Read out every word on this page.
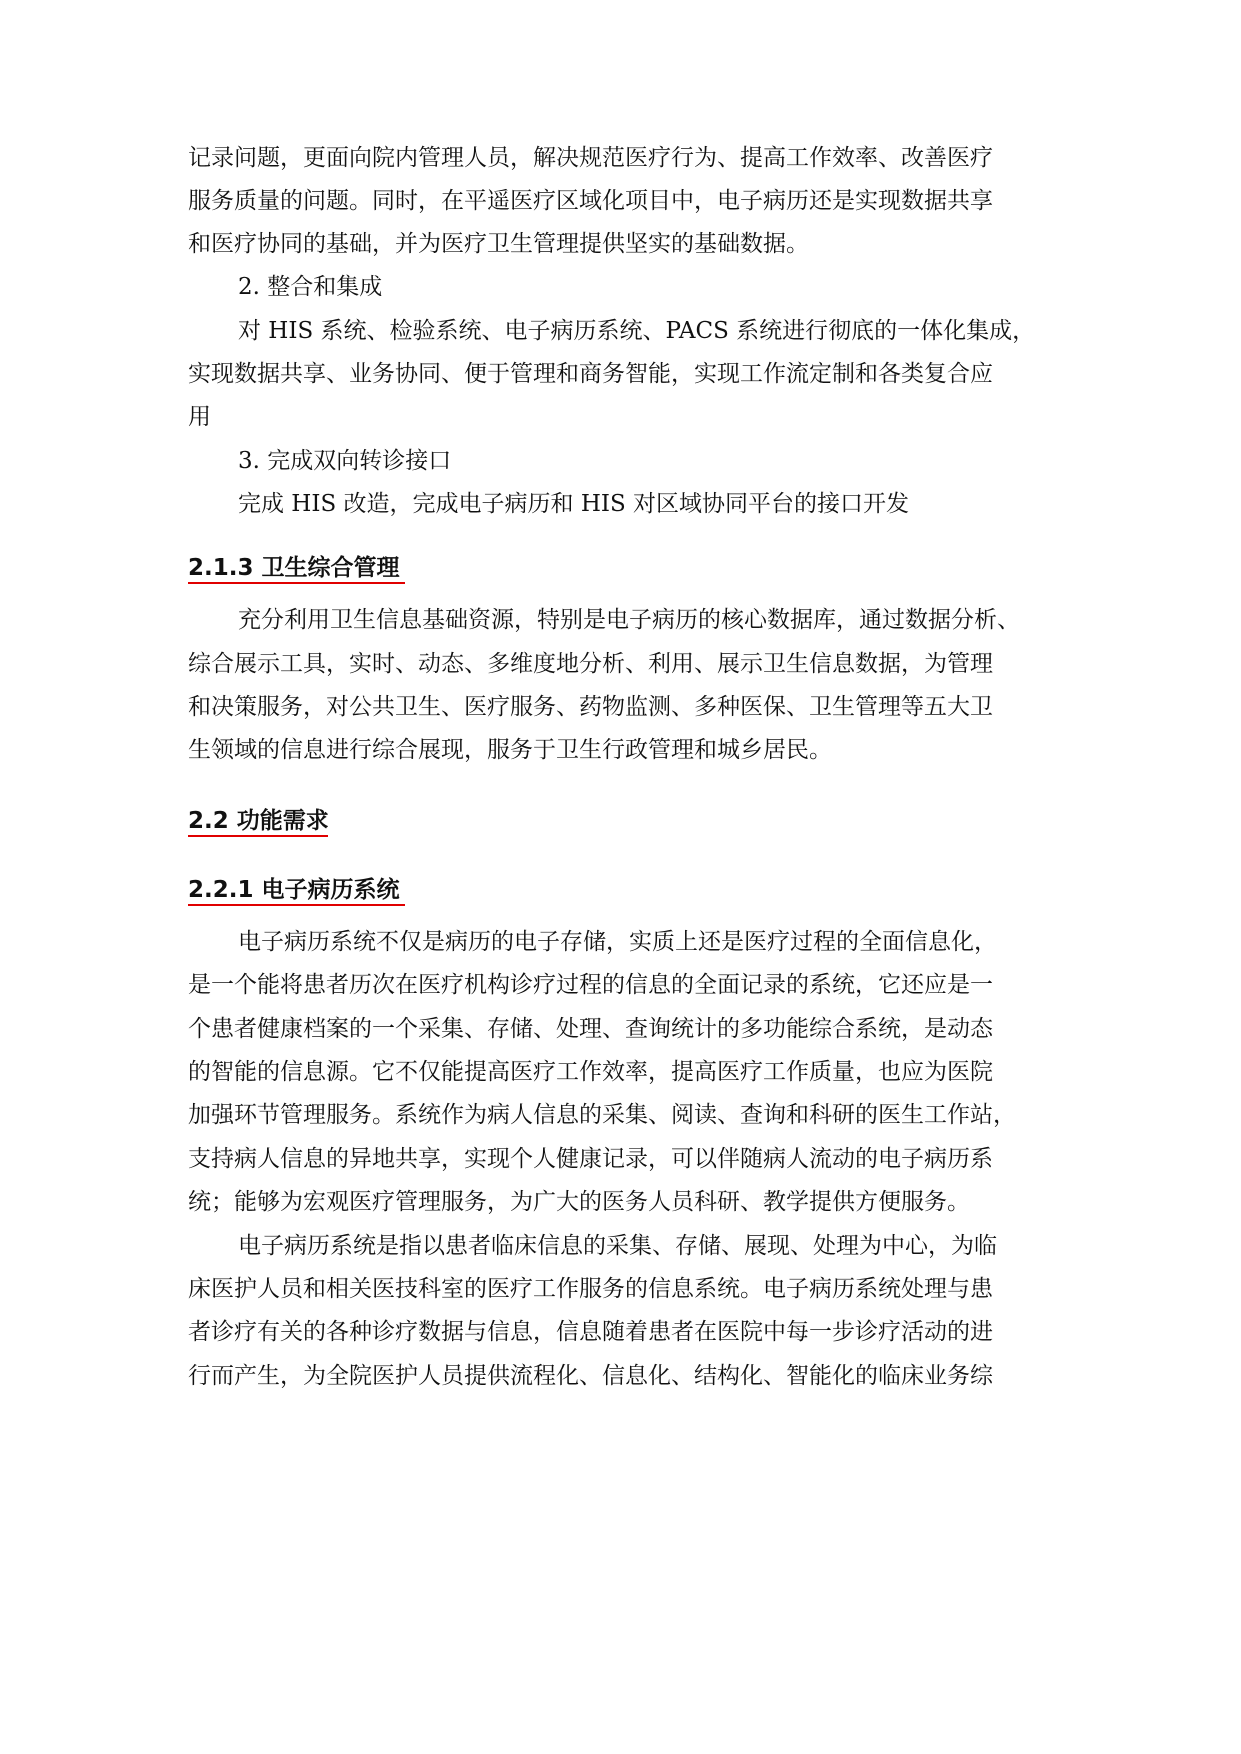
记录问题，更面向院内管理人员，解决规范医疗行为、提高工作效率、改善医疗
服务质量的问题。同时，在平遥医疗区域化项目中，电子病历还是实现数据共享
和医疗协同的基础，并为医疗卫生管理提供坚实的基础数据。
2. 整合和集成
对 HIS 系统、检验系统、电子病历系统、PACS 系统进行彻底的一体化集成，
实现数据共享、业务协同、便于管理和商务智能，实现工作流定制和各类复合应
用
3. 完成双向转诊接口
完成 HIS 改造，完成电子病历和 HIS 对区域协同平台的接口开发
2.1.3 卫生综合管理
充分利用卫生信息基础资源，特别是电子病历的核心数据库，通过数据分析、
综合展示工具，实时、动态、多维度地分析、利用、展示卫生信息数据，为管理
和决策服务，对公共卫生、医疗服务、药物监测、多种医保、卫生管理等五大卫
生领域的信息进行综合展现，服务于卫生行政管理和城乡居民。
2.2 功能需求
2.2.1 电子病历系统
电子病历系统不仅是病历的电子存储，实质上还是医疗过程的全面信息化，
是一个能将患者历次在医疗机构诊疗过程的信息的全面记录的系统，它还应是一
个患者健康档案的一个采集、存储、处理、查询统计的多功能综合系统，是动态
的智能的信息源。它不仅能提高医疗工作效率，提高医疗工作质量，也应为医院
加强环节管理服务。系统作为病人信息的采集、阅读、查询和科研的医生工作站，
支持病人信息的异地共享，实现个人健康记录，可以伴随病人流动的电子病历系
统；能够为宏观医疗管理服务，为广大的医务人员科研、教学提供方便服务。
电子病历系统是指以患者临床信息的采集、存储、展现、处理为中心，为临
床医护人员和相关医技科室的医疗工作服务的信息系统。电子病历系统处理与患
者诊疗有关的各种诊疗数据与信息，信息随着患者在医院中每一步诊疗活动的进
行而产生，为全院医护人员提供流程化、信息化、结构化、智能化的临床业务综
